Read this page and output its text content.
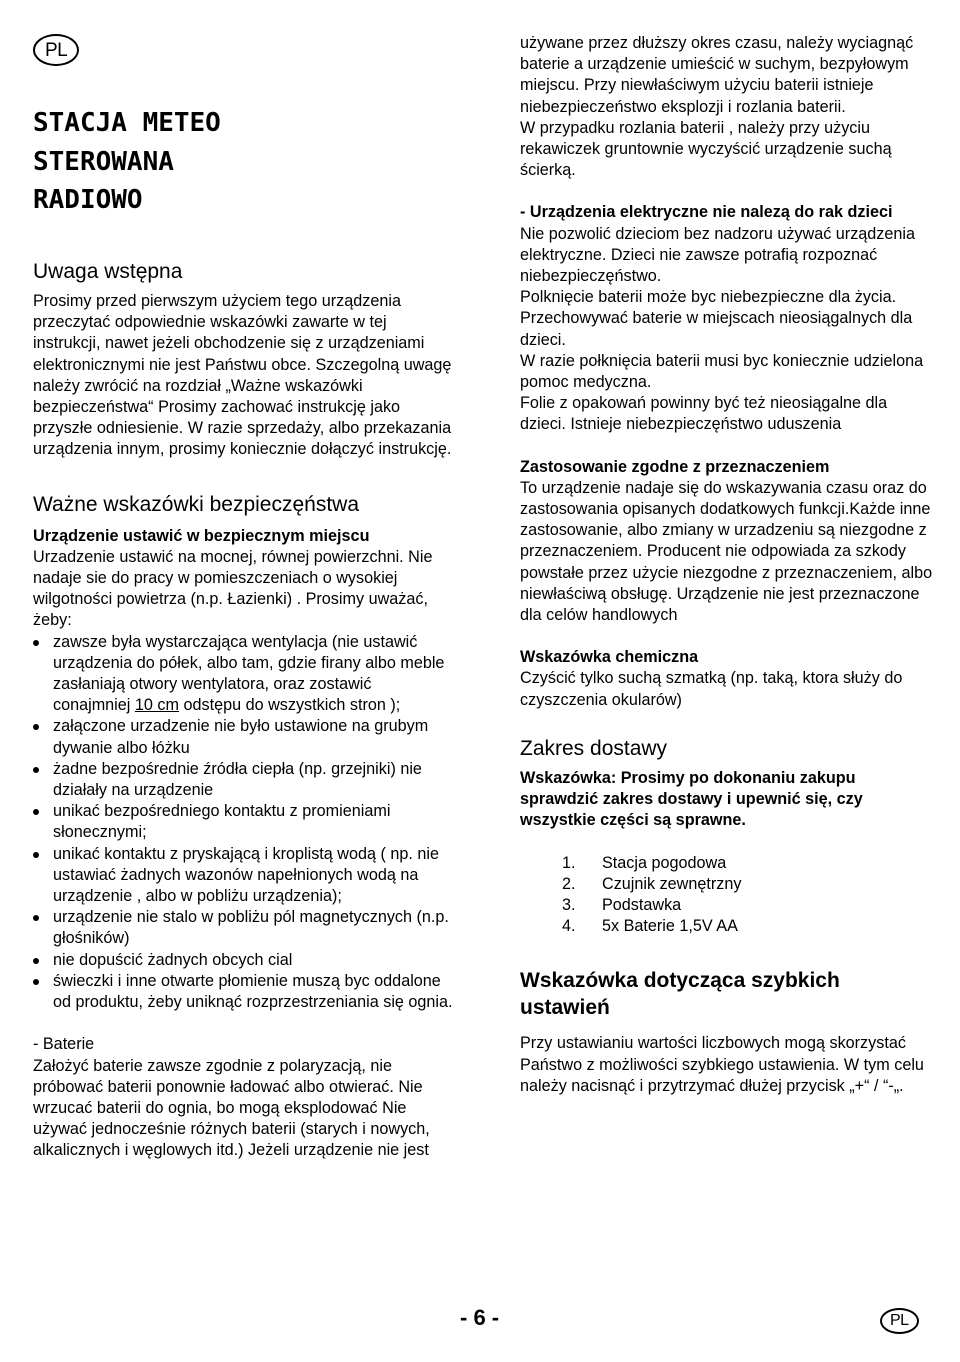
PL
STACJA METEO
STEROWANA
RADIOWO
Uwaga wstępna

Prosimy przed pierwszym użyciem tego urządzenia przeczytać odpowiednie wskazówki zawarte w tej instrukcji, nawet jeżeli obchodzenie się z urządzeniami elektronicznymi nie jest Państwu obce. Szczegolną uwagę należy zwrócić na rozdział „Ważne wskazówki bezpieczeństwa“ Prosimy zachować instrukcję jako przyszłe odniesienie. W razie sprzedaży, albo przekazania urządzenia innym, prosimy koniecznie dołączyć instrukcję.

Ważne wskazówki bezpieczęństwa

Urządzenie ustawić w bezpiecznym miejscu

Urzadzenie ustawić na mocnej, równej powierzchni. Nie nadaje sie do pracy w pomieszczeniach o wysokiej wilgotności powietrza (n.p. Łazienki) . Prosimy uważać, żeby:

zawsze była wystarczająca wentylacja (nie ustawić urządzenia do półek, albo tam, gdzie firany albo meble zasłaniają otwory wentylatora, oraz zostawić conajmniej 10 cm odstępu do wszystkich stron );
załączone urzadzenie nie było ustawione na grubym dywanie albo łóżku
żadne bezpośrednie źródła ciepła (np. grzejniki) nie działały na urządzenie
unikać bezpośredniego kontaktu z promieniami słonecznymi;
unikać kontaktu z pryskającą i kroplistą wodą ( np. nie ustawiać żadnych wazonów napełnionych wodą na urządzenie , albo w pobliżu urządzenia);
urządzenie nie stalo w pobliżu pól magnetycznych (n.p. głośników)
nie dopuścić żadnych obcych cial
świeczki i inne otwarte płomienie muszą byc oddalone od produktu, żeby uniknąć rozprzestrzeniania się ognia.

- Baterie

Założyć baterie zawsze zgodnie z polaryzacją, nie próbować baterii ponownie ładować albo otwierać. Nie wrzucać baterii do ognia, bo mogą eksplodować Nie używać jednocześnie różnych baterii (starych i nowych, alkalicznych i węglowych itd.) Jeżeli urządzenie nie jest

używane przez dłuższy okres czasu, należy wyciagnąć baterie a urządzenie umieścić w suchym, bezpyłowym miejscu. Przy niewłaściwym użyciu baterii istnieje niebezpieczeństwo eksplozji i rozlania baterii.

W przypadku rozlania baterii , należy przy użyciu rekawiczek gruntownie wyczyścić urządzenie suchą ścierką.

- Urządzenia elektryczne nie nalezą do rak dzieci

Nie pozwolić dzieciom bez nadzoru używać urządzenia elektryczne. Dzieci nie zawsze potrafią rozpoznać niebezpieczęństwo.

Polknięcie baterii może byc niebezpieczne dla życia. Przechowywać baterie w miejscach nieosiągalnych dla dzieci.

W razie połknięcia baterii musi byc koniecznie udzielona pomoc medyczna.

Folie z opakowań powinny być też nieosiągalne dla dzieci. Istnieje niebezpieczęństwo uduszenia

Zastosowanie zgodne z przeznaczeniem

To urządzenie nadaje się do wskazywania czasu oraz do zastosowania opisanych dodatkowych funkcji.Każde inne zastosowanie, albo zmiany w urzadzeniu są niezgodne z przeznaczeniem. Producent nie odpowiada za szkody powstałe przez użycie niezgodne z przeznaczeniem, albo niewłaściwą obsługę. Urządzenie nie jest przeznaczone dla celów handlowych

Wskazówka chemiczna

Czyścić tylko suchą szmatką (np. taką, ktora służy do czyszczenia okularów)

Zakres dostawy

Wskazówka: Prosimy po dokonaniu zakupu sprawdzić zakres dostawy i upewnić się, czy wszystkie części są sprawne.

1. Stacja pogodowa
2. Czujnik zewnętrzny
3. Podstawka
4. 5x Baterie 1,5V AA
Wskazówka dotycząca szybkich ustawień

Przy ustawianiu wartości liczbowych mogą skorzystać Państwo z możliwości szybkiego ustawienia. W tym celu należy nacisnąć i przytrzymać dłużej przycisk „+“ / “-„.

- 6 -	PL
